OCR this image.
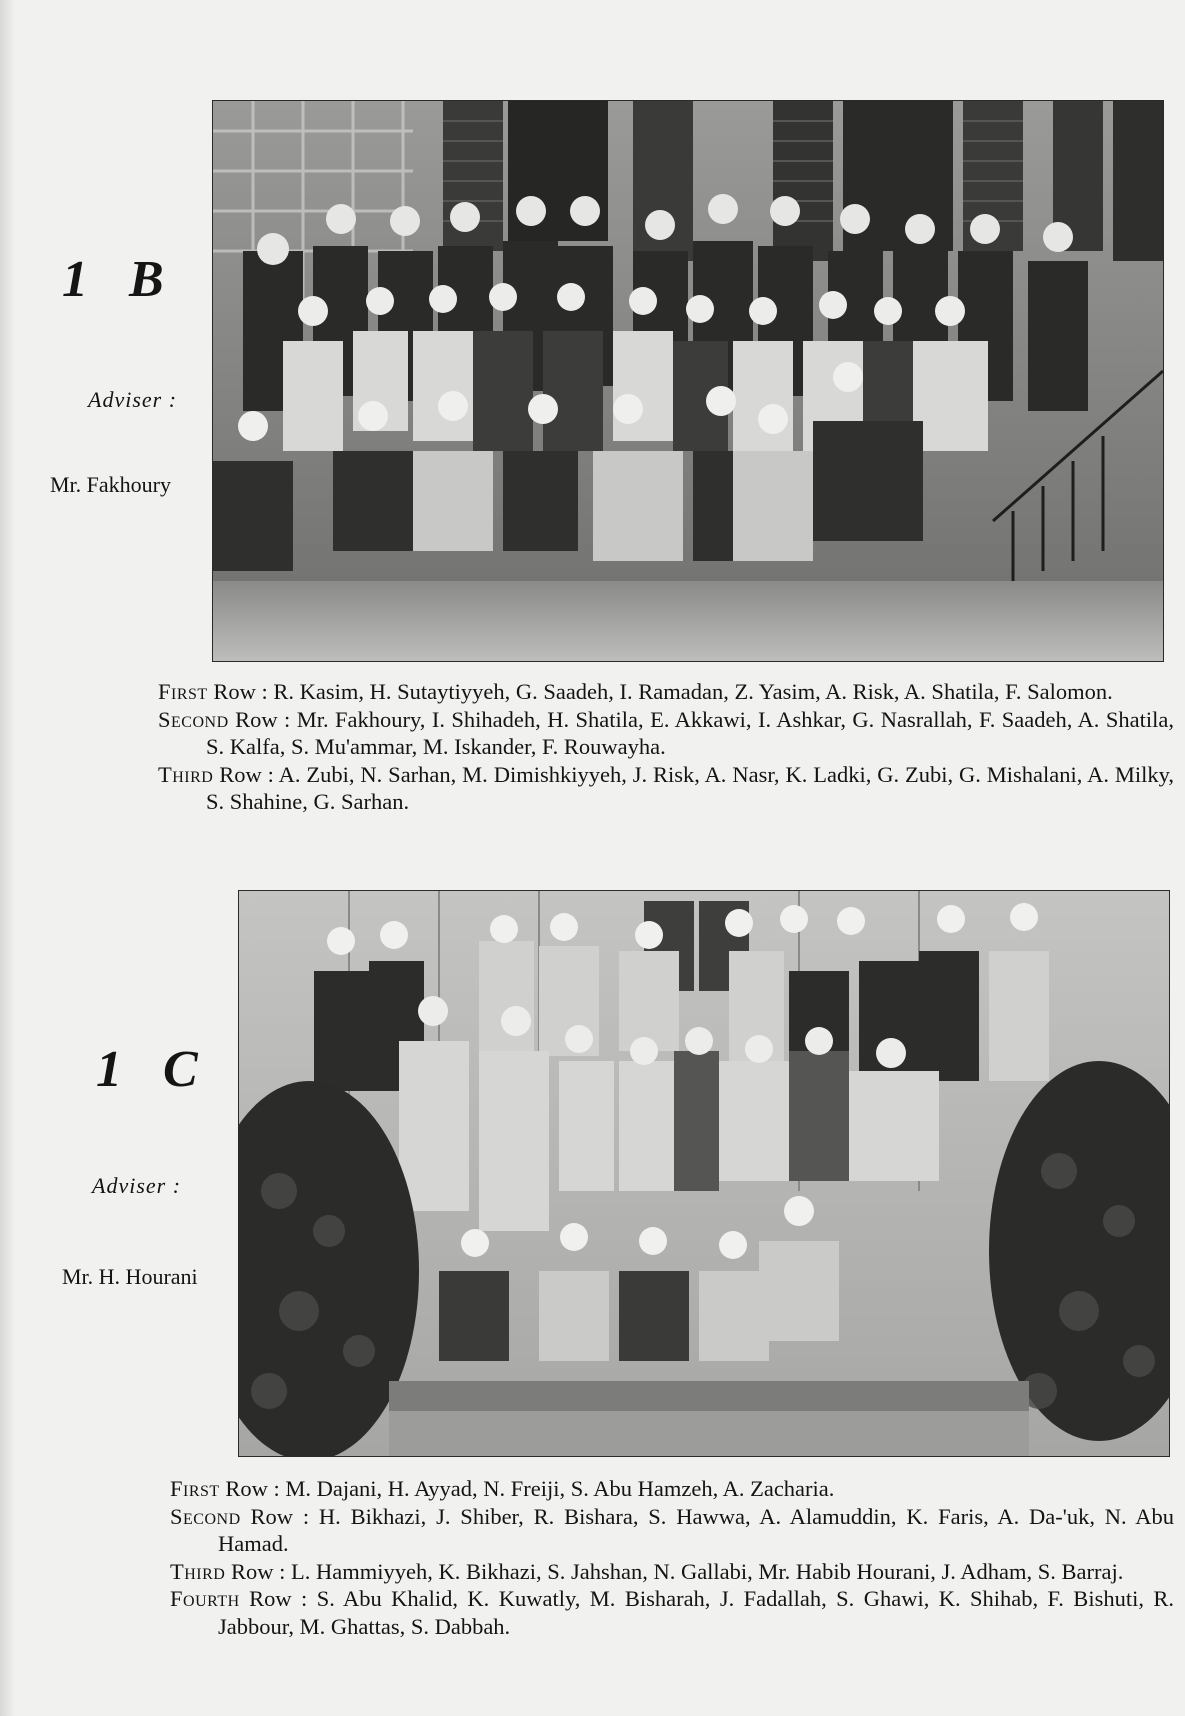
1 B
Adviser :
Mr. Fakhoury
First Row : R. Kasim, H. Sutaytiyyeh, G. Saadeh, I. Ramadan, Z. Yasim, A. Risk, A. Shatila, F. Salomon.
Second Row : Mr. Fakhoury, I. Shihadeh, H. Shatila, E. Akkawi, I. Ashkar, G. Nasrallah, F. Saadeh, A. Shatila, S. Kalfa, S. Mu'ammar, M. Iskander, F. Rouwayha.
Third Row : A. Zubi, N. Sarhan, M. Dimishkiyyeh, J. Risk, A. Nasr, K. Ladki, G. Zubi, G. Mishalani, A. Milky, S. Shahine, G. Sarhan.
1 C
Adviser :
Mr. H. Hourani
First Row : M. Dajani, H. Ayyad, N. Freiji, S. Abu Hamzeh, A. Zacharia.
Second Row : H. Bikhazi, J. Shiber, R. Bishara, S. Hawwa, A. Alamuddin, K. Faris, A. Da-'uk, N. Abu Hamad.
Third Row : L. Hammiyyeh, K. Bikhazi, S. Jahshan, N. Gallabi, Mr. Habib Hourani, J. Adham, S. Barraj.
Fourth Row : S. Abu Khalid, K. Kuwatly, M. Bisharah, J. Fadallah, S. Ghawi, K. Shihab, F. Bishuti, R. Jabbour, M. Ghattas, S. Dabbah.
